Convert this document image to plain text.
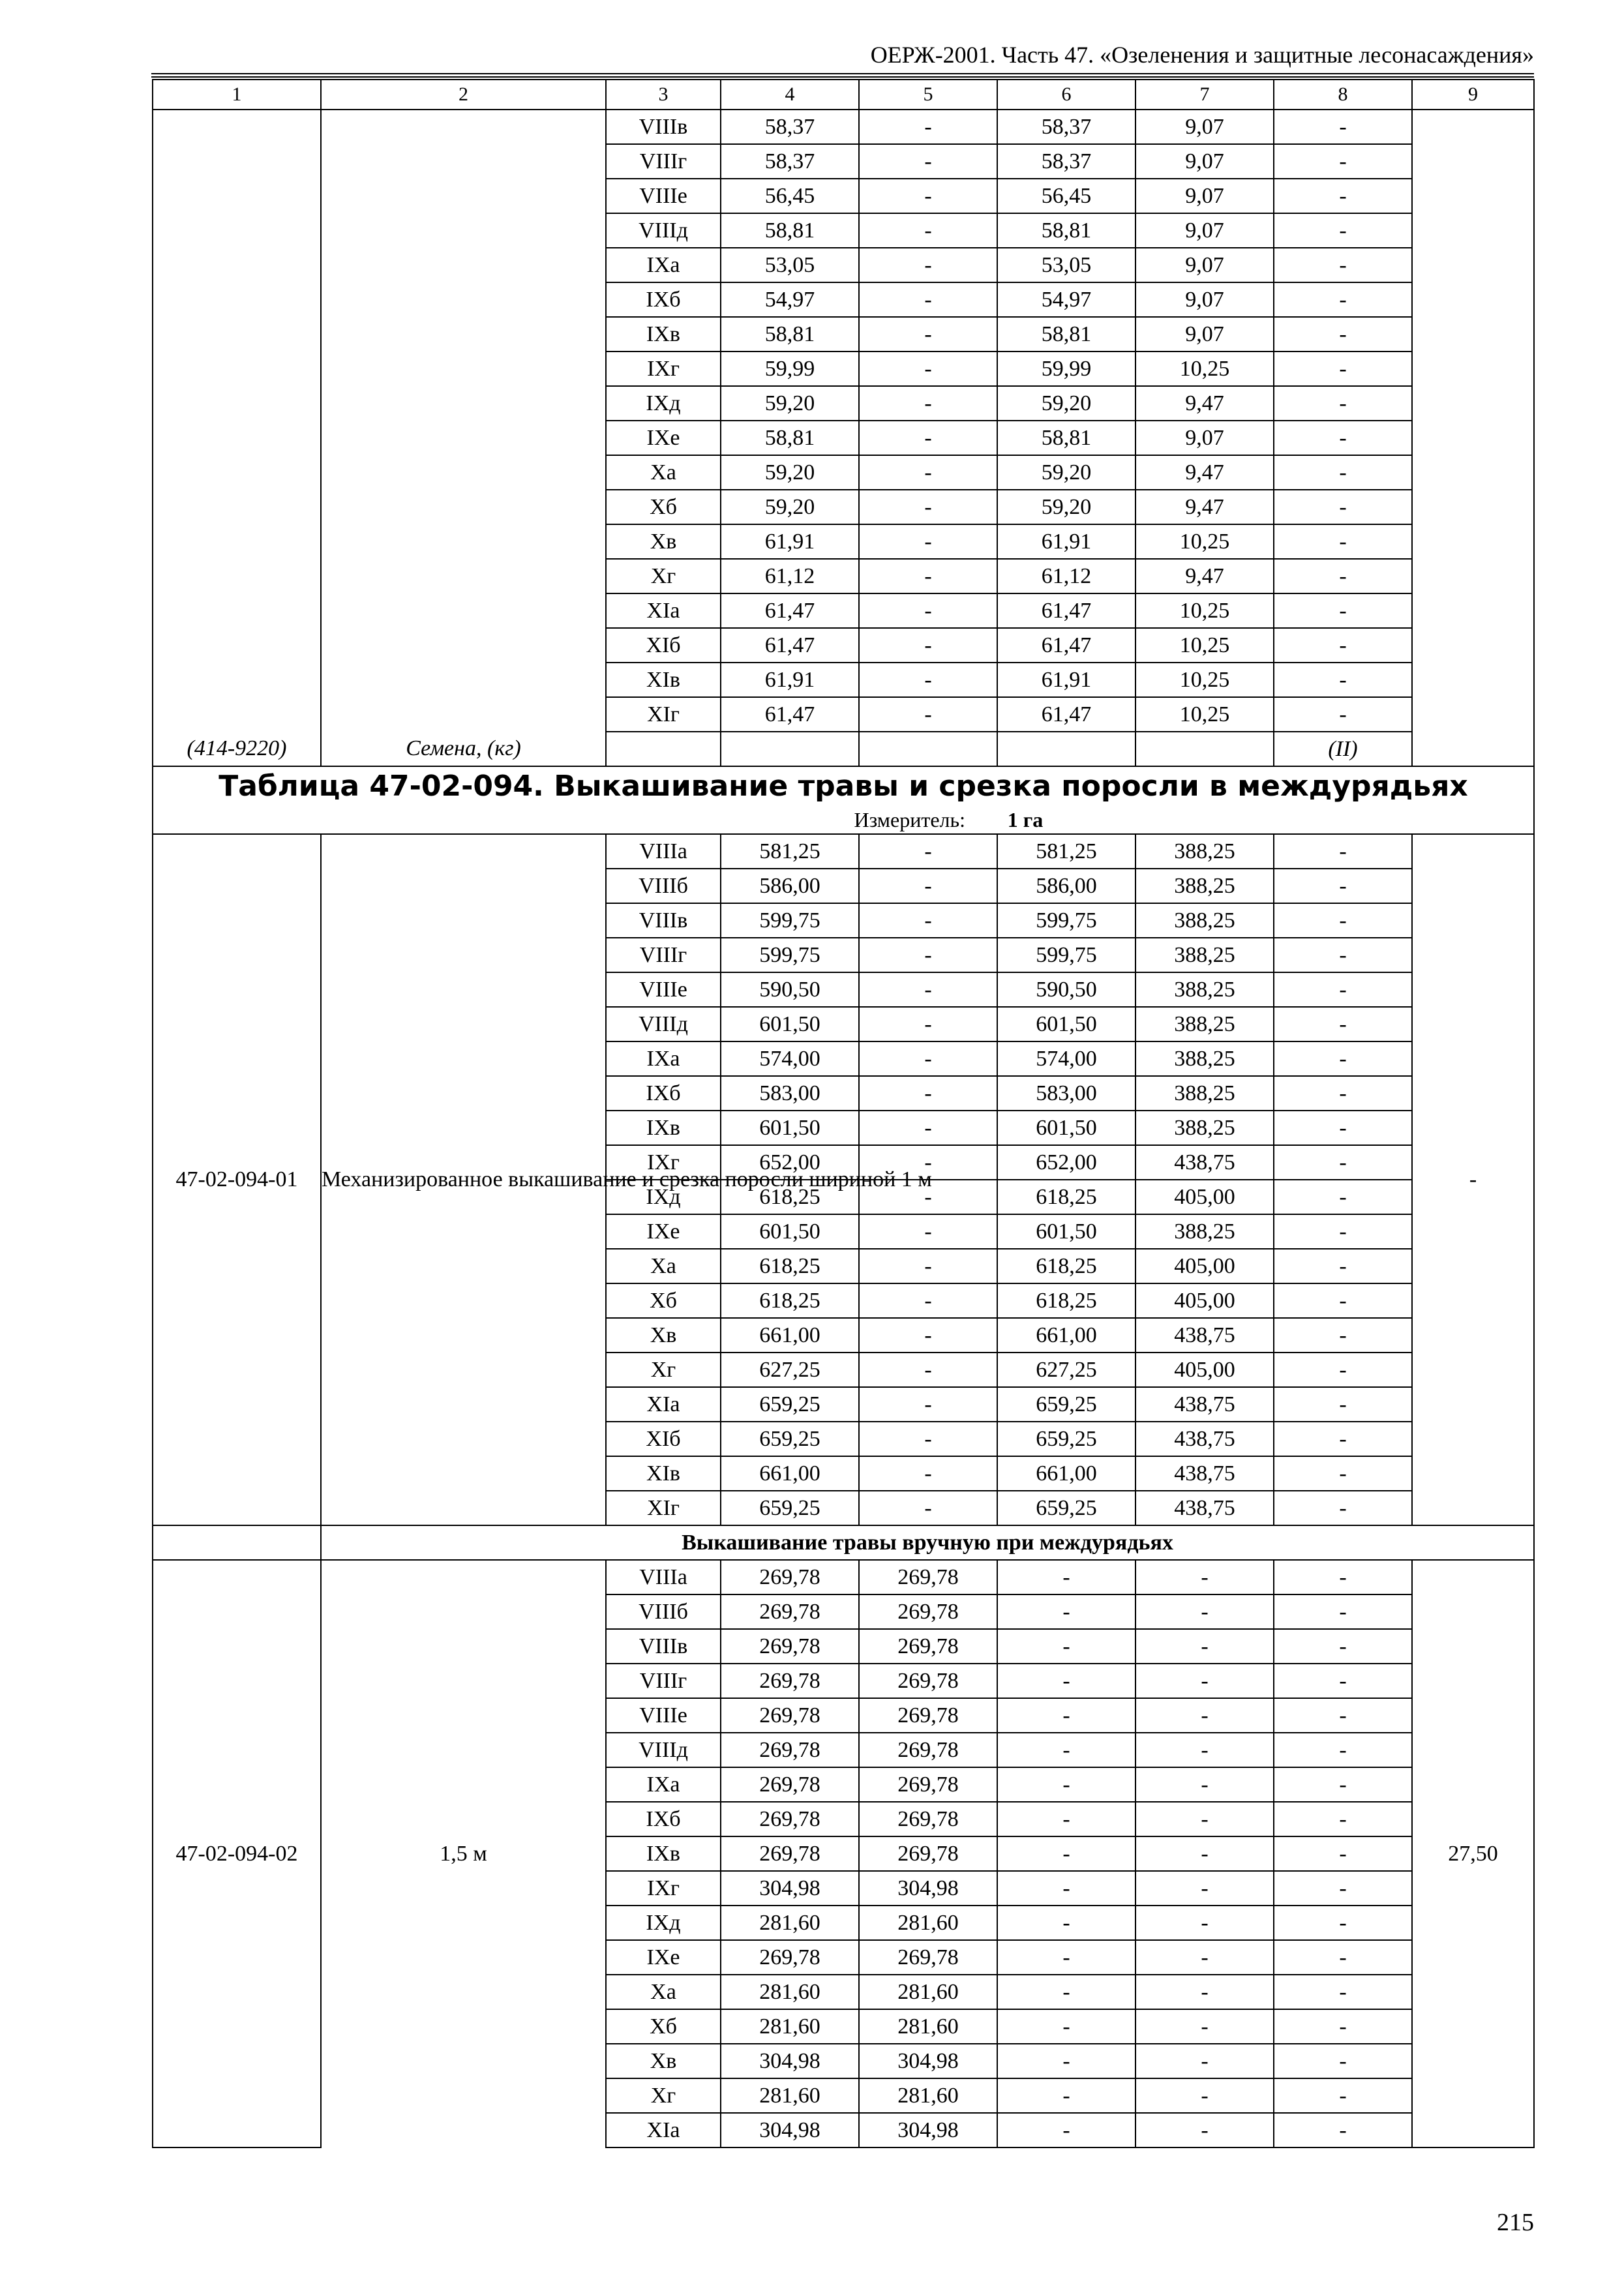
ОЕРЖ-2001. Часть 47. «Озеленения и защитные лесонасаждения»
1	2	3	4	5	6	7	8	9
		VIIIв	58,37	-	58,37	9,07	-	
		VIIIг	58,37	-	58,37	9,07	-	
		VIIIе	56,45	-	56,45	9,07	-	
		VIIIд	58,81	-	58,81	9,07	-	
		IXа	53,05	-	53,05	9,07	-	
		IXб	54,97	-	54,97	9,07	-	
		IXв	58,81	-	58,81	9,07	-	
		IXг	59,99	-	59,99	10,25	-	
		IXд	59,20	-	59,20	9,47	-	
		IXе	58,81	-	58,81	9,07	-	
		Xа	59,20	-	59,20	9,47	-	
		Xб	59,20	-	59,20	9,47	-	
		Xв	61,91	-	61,91	10,25	-	
		Xг	61,12	-	61,12	9,47	-	
		XIа	61,47	-	61,47	10,25	-	
		XIб	61,47	-	61,47	10,25	-	
		XIв	61,91	-	61,91	10,25	-	
		XIг	61,47	-	61,47	10,25	-	
(414-9220)	Семена, (кг)						(II)	

Таблица 47-02-094. Выкашивание травы и срезка поросли в междурядьях
Измеритель: 1 га								

47-02-094-01	Механизированное выкашивание и срезка поросли шириной 1 м	VIIIа	581,25	-	581,25	388,25	-	-
		VIIIб	586,00	-	586,00	388,25	-	
		VIIIв	599,75	-	599,75	388,25	-	
		VIIIг	599,75	-	599,75	388,25	-	
		VIIIе	590,50	-	590,50	388,25	-	
		VIIIд	601,50	-	601,50	388,25	-	
		IXа	574,00	-	574,00	388,25	-	
		IXб	583,00	-	583,00	388,25	-	
		IXв	601,50	-	601,50	388,25	-	
		IXг	652,00	-	652,00	438,75	-	
		IXд	618,25	-	618,25	405,00	-	
		IXе	601,50	-	601,50	388,25	-	
		Xа	618,25	-	618,25	405,00	-	
		Xб	618,25	-	618,25	405,00	-	
		Xв	661,00	-	661,00	438,75	-	
		Xг	627,25	-	627,25	405,00	-	
		XIа	659,25	-	659,25	438,75	-	
		XIб	659,25	-	659,25	438,75	-	
		XIв	661,00	-	661,00	438,75	-	
		XIг	659,25	-	659,25	438,75	-	
	Выкашивание травы вручную при междурядьях							
47-02-094-02	1,5 м	VIIIа	269,78	269,78	-	-	-	27,50
		VIIIб	269,78	269,78	-	-	-	
		VIIIв	269,78	269,78	-	-	-	
		VIIIг	269,78	269,78	-	-	-	
		VIIIе	269,78	269,78	-	-	-	
		VIIIд	269,78	269,78	-	-	-	
		IXа	269,78	269,78	-	-	-	
		IXб	269,78	269,78	-	-	-	
		IXв	269,78	269,78	-	-	-	
		IXг	304,98	304,98	-	-	-	
		IXд	281,60	281,60	-	-	-	
		IXе	269,78	269,78	-	-	-	
		Xа	281,60	281,60	-	-	-	
		Xб	281,60	281,60	-	-	-	
		Xв	304,98	304,98	-	-	-	
		Xг	281,60	281,60	-	-	-	
		XIа	304,98	304,98	-	-	-	
215
